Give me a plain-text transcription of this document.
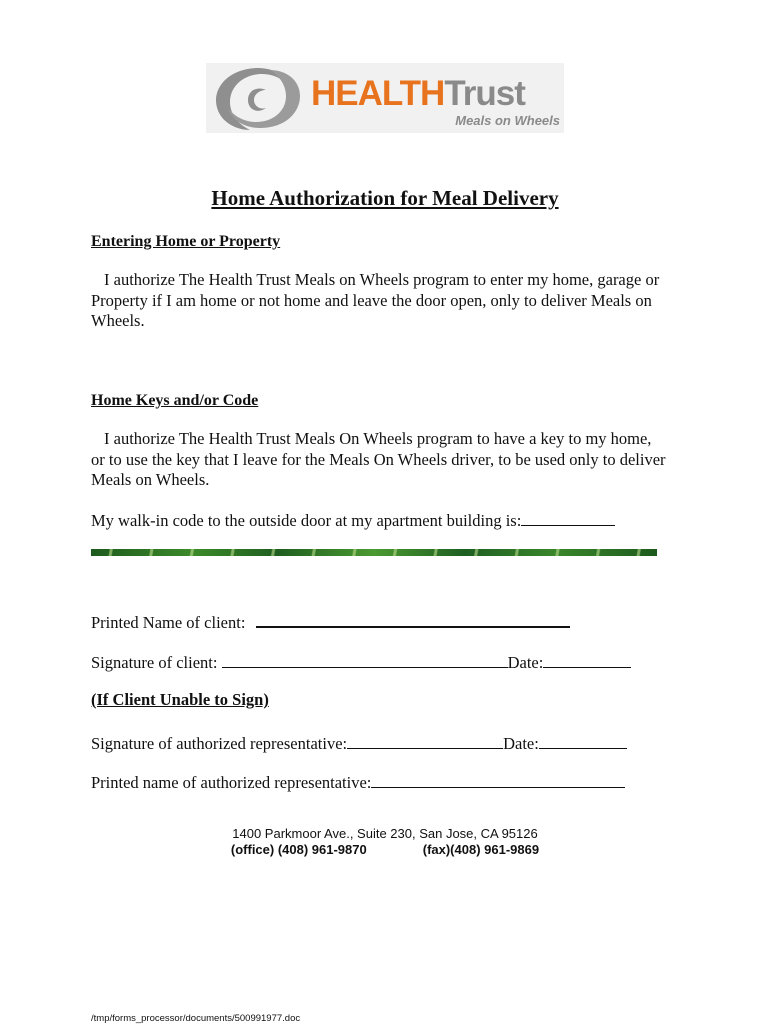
HEALTHTrust
Meals on Wheels
Home Authorization for Meal Delivery
Entering Home or Property
I authorize The Health Trust Meals on Wheels program to enter my home, garage or Property if I am home or not home and leave the door open, only to deliver Meals on Wheels.
Home Keys and/or Code
I authorize The Health Trust Meals On Wheels program to have a key to my home, or to use the key that I leave for the Meals On Wheels driver, to be used only to deliver Meals on Wheels.
My walk-in code to the outside door at my apartment building is:
Printed Name of client:
Signature of client:	Date:
(If Client Unable to Sign)
Signature of authorized representative:	Date:
Printed name of authorized representative:
1400 Parkmoor Ave., Suite 230, San Jose, CA 95126
(office) (408) 961-9870	(fax)(408) 961-9869
/tmp/forms_processor/documents/500991977.doc
